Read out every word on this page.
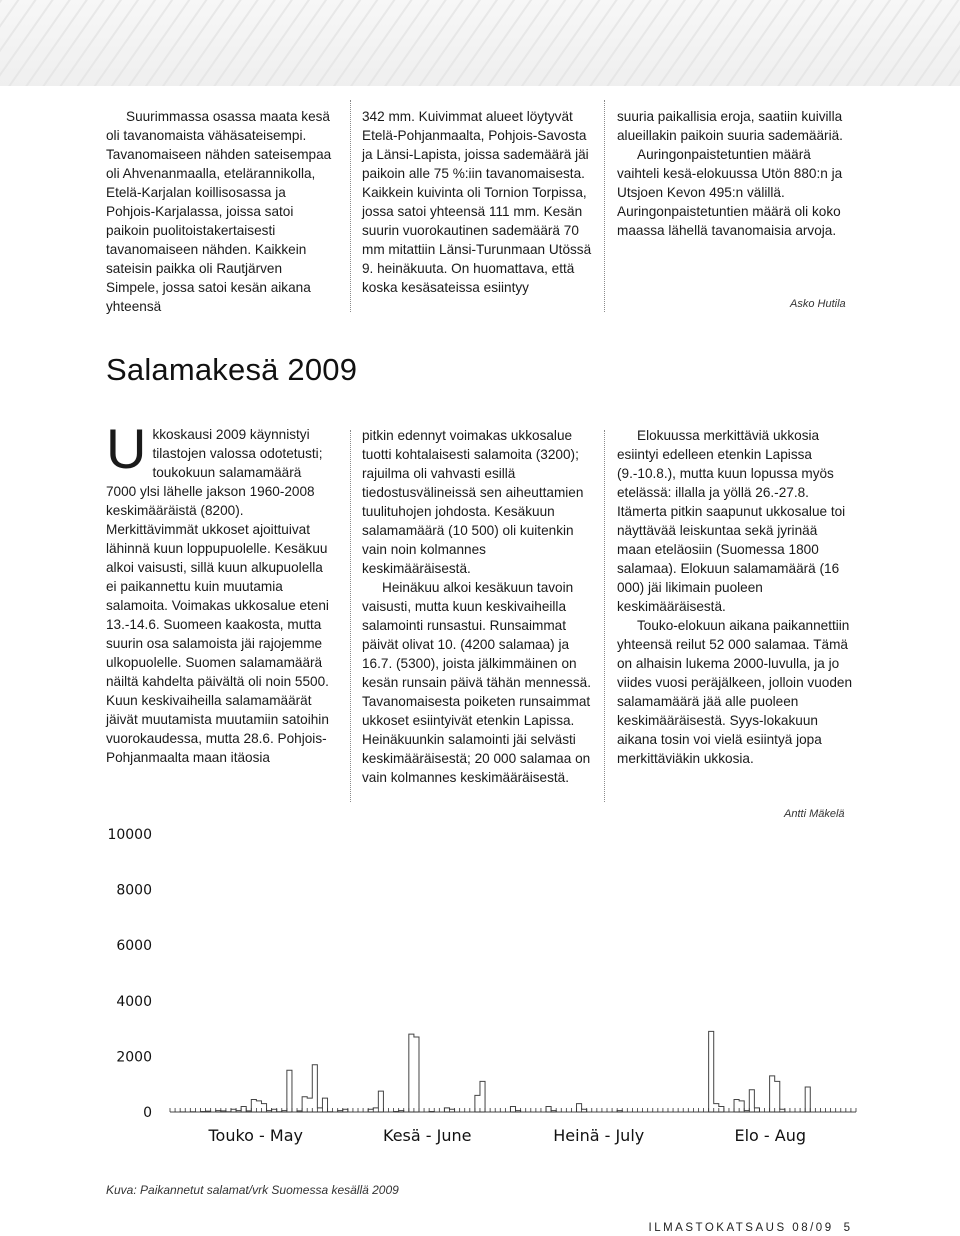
Suurimmassa osassa maata kesä oli tavanomaista vähäsateisempi. Tavanomaiseen nähden sateisempaa oli Ahvenanmaalla, etelärannikolla, Etelä-Karjalan koillisosassa ja Pohjois-Karjalassa, joissa satoi paikoin puolitoistakertaisesti tavanomaiseen nähden. Kaikkein sateisin paikka oli Rautjärven Simpele, jossa satoi kesän aikana yhteensä

342 mm. Kuivimmat alueet löytyvät Etelä-Pohjanmaalta, Pohjois-Savosta ja Länsi-Lapista, joissa sademäärä jäi paikoin alle 75 %:iin tavanomaisesta. Kaikkein kuivinta oli Tornion Torpissa, jossa satoi yhteensä 111 mm. Kesän suurin vuorokautinen sademäärä 70 mm mitattiin Länsi-Turunmaan Utössä 9. heinäkuuta. On huomattava, että koska kesäsateissa esiintyy

suuria paikallisia eroja, saatiin kuivilla alueillakin paikoin suuria sademääriä.

Auringonpaistetuntien määrä vaihteli kesä-elokuussa Utön 880:n ja Utsjoen Kevon 495:n välillä. Auringonpaistetuntien määrä oli koko maassa lähellä tavanomaisia arvoja.

Asko Hutila
Salamakesä 2009

Ukkoskausi 2009 käynnistyi tilastojen valossa odotetusti; toukokuun salamamäärä 7000 ylsi lähelle jakson 1960-2008 keskimääräistä (8200). Merkittävimmät ukkoset ajoittuivat lähinnä kuun loppupuolelle. Kesäkuu alkoi vaisusti, sillä kuun alkupuolella ei paikannettu kuin muutamia salamoita. Voimakas ukkosalue eteni 13.-14.6. Suomeen kaakosta, mutta suurin osa salamoista jäi rajojemme ulkopuolelle. Suomen salamamäärä näiltä kahdelta päivältä oli noin 5500. Kuun keskivaiheilla salamamäärät jäivät muutamista muutamiin satoihin vuorokaudessa, mutta 28.6. Pohjois-Pohjanmaalta maan itäosia

pitkin edennyt voimakas ukkosalue tuotti kohtalaisesti salamoita (3200); rajuilma oli vahvasti esillä tiedostusvälineissä sen aiheuttamien tuulituhojen johdosta. Kesäkuun salamamäärä (10 500) oli kuitenkin vain noin kolmannes keskimääräisestä.

Heinäkuu alkoi kesäkuun tavoin vaisusti, mutta kuun keskivaiheilla salamointi runsastui. Runsaimmat päivät olivat 10. (4200 salamaa) ja 16.7. (5300), joista jälkimmäinen on kesän runsain päivä tähän mennessä. Tavanomaisesta poiketen runsaimmat ukkoset esiintyivät etenkin Lapissa. Heinäkuunkin salamointi jäi selvästi keskimääräisestä; 20 000 salamaa on vain kolmannes keskimääräisestä.

Elokuussa merkittäviä ukkosia esiintyi edelleen etenkin Lapissa (9.-10.8.), mutta kuun lopussa myös etelässä: illalla ja yöllä 26.-27.8. Itämerta pitkin saapunut ukkosalue toi näyttävää leiskuntaa sekä jyrinää maan eteläosiin (Suomessa 1800 salamaa). Elokuun salamamäärä (16 000) jäi likimain puoleen keskimääräisestä.

Touko-elokuun aikana paikannettiin yhteensä reilut 52 000 salamaa. Tämä on alhaisin lukema 2000-luvulla, ja jo viides vuosi peräjälkeen, jolloin vuoden salamamäärä jää alle puoleen keskimääräisestä. Syys-lokakuun aikana tosin voi vielä esiintyä jopa merkittäviäkin ukkosia.

Antti Mäkelä
10000
8000
6000
4000
2000
0
Touko - May	Kesä - June	Heinä - July	Elo - Aug
Kuva: Paikannetut salamat/vrk Suomessa kesällä 2009
ILMASTOKATSAUS 08/09 5
